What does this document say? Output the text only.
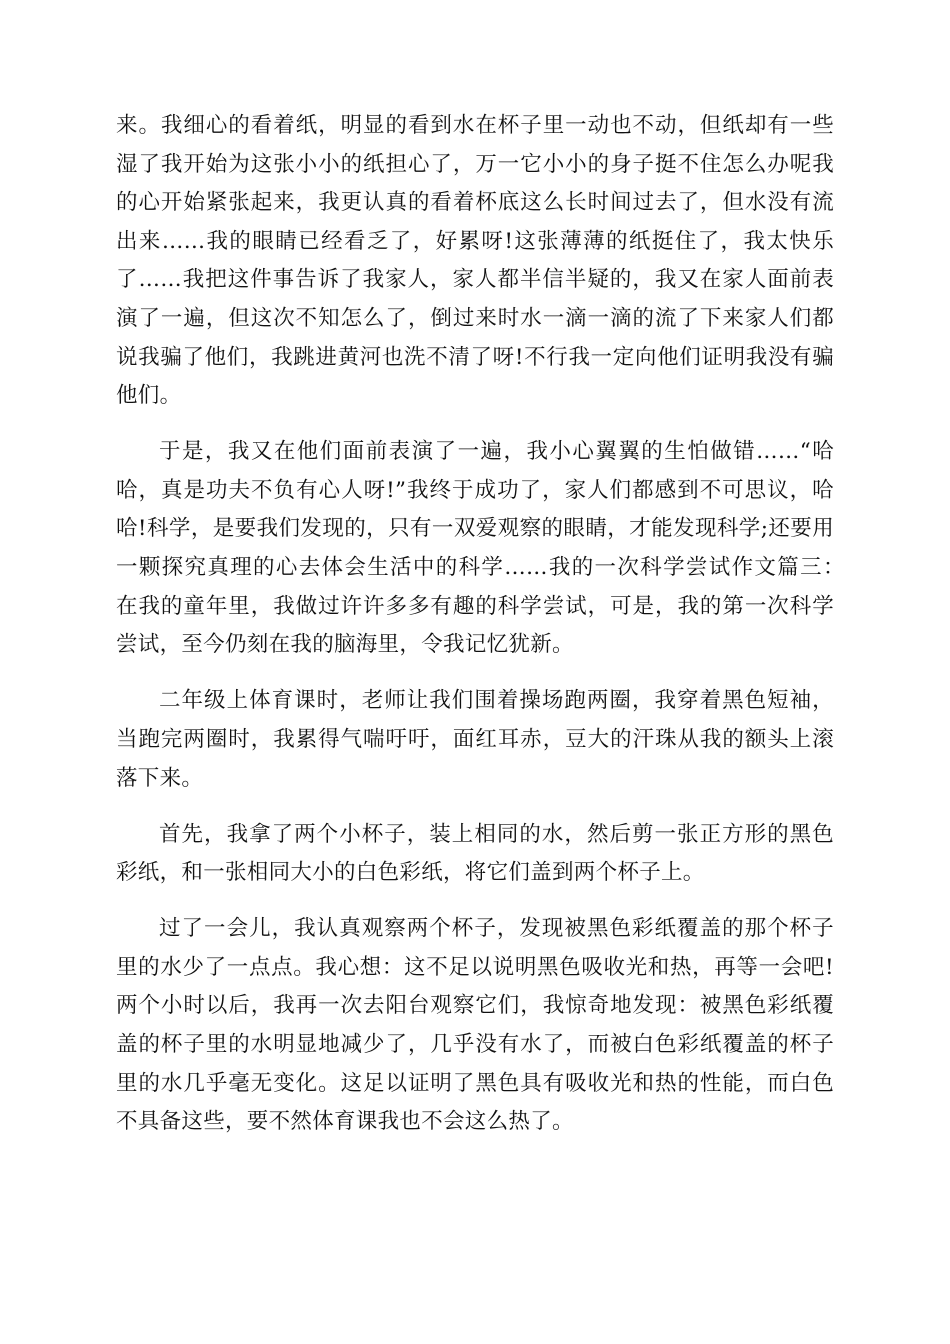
来。我细心的看着纸，明显的看到水在杯子里一动也不动，但纸却有一些湿了我开始为这张小小的纸担心了，万一它小小的身子挺不住怎么办呢我的心开始紧张起来，我更认真的看着杯底这么长时间过去了，但水没有流出来……我的眼睛已经看乏了，好累呀!这张薄薄的纸挺住了，我太快乐了……我把这件事告诉了我家人，家人都半信半疑的，我又在家人面前表演了一遍，但这次不知怎么了，倒过来时水一滴一滴的流了下来家人们都说我骗了他们，我跳进黄河也洗不清了呀!不行我一定向他们证明我没有骗他们。

于是，我又在他们面前表演了一遍，我小心翼翼的生怕做错……“哈哈，真是功夫不负有心人呀!”我终于成功了，家人们都感到不可思议，哈哈!科学，是要我们发现的，只有一双爱观察的眼睛，才能发现科学;还要用一颗探究真理的心去体会生活中的科学……我的一次科学尝试作文篇三：　在我的童年里，我做过许许多多有趣的科学尝试，可是，我的第一次科学尝试，至今仍刻在我的脑海里，令我记忆犹新。

二年级上体育课时，老师让我们围着操场跑两圈，我穿着黑色短袖，当跑完两圈时，我累得气喘吁吁，面红耳赤，豆大的汗珠从我的额头上滚落下来。

首先，我拿了两个小杯子，装上相同的水，然后剪一张正方形的黑色彩纸，和一张相同大小的白色彩纸，将它们盖到两个杯子上。

过了一会儿，我认真观察两个杯子，发现被黑色彩纸覆盖的那个杯子里的水少了一点点。我心想：这不足以说明黑色吸收光和热，再等一会吧!两个小时以后，我再一次去阳台观察它们，我惊奇地发现：被黑色彩纸覆盖的杯子里的水明显地减少了，几乎没有水了，而被白色彩纸覆盖的杯子里的水几乎毫无变化。这足以证明了黑色具有吸收光和热的性能，而白色不具备这些，要不然体育课我也不会这么热了。
